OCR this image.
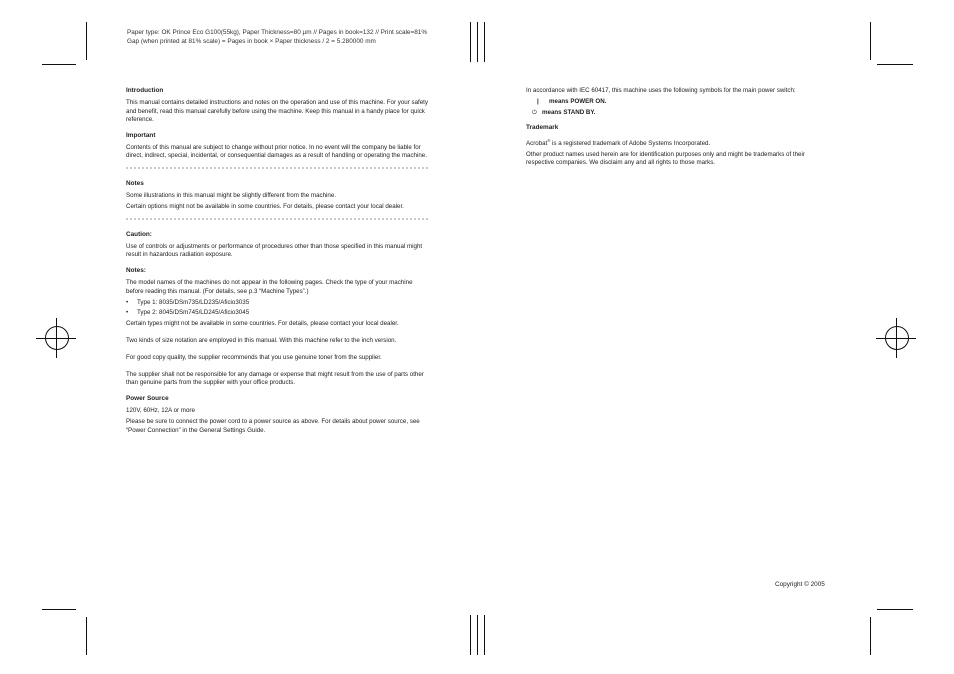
Paper type: OK Prince Eco G100(55kg), Paper Thickness=80 µm // Pages in book=132 // Print scale=81%
Gap (when printed at 81% scale) = Pages in book × Paper thickness / 2 = 5.280000 mm
Introduction

This manual contains detailed instructions and notes on the operation and use of this machine. For your safety and benefit, read this manual carefully before using the machine. Keep this manual in a handy place for quick reference.

Important

Contents of this manual are subject to change without prior notice. In no event will the company be liable for direct, indirect, special, incidental, or consequential damages as a result of handling or operating the machine.

Notes

Some illustrations in this manual might be slightly different from the machine.

Certain options might not be available in some countries. For details, please contact your local dealer.

Caution:

Use of controls or adjustments or performance of procedures other than those specified in this manual might result in hazardous radiation exposure.

Notes:

The model names of the machines do not appear in the following pages. Check the type of your machine before reading this manual. (For details, see p.3 “Machine Types”.)

• Type 1: 8035/DSm735/LD235/Aficio3035
• Type 2: 8045/DSm745/LD245/Aficio3045

Certain types might not be available in some countries. For details, please contact your local dealer.

Two kinds of size notation are employed in this manual. With this machine refer to the inch version.

For good copy quality, the supplier recommends that you use genuine toner from the supplier.

The supplier shall not be responsible for any damage or expense that might result from the use of parts other than genuine parts from the supplier with your office products.

Power Source

120V, 60Hz, 12A or more

Please be sure to connect the power cord to a power source as above. For details about power source, see “Power Connection” in the General Settings Guide.

In accordance with IEC 60417, this machine uses the following symbols for the main power switch:

| means POWER ON.

⏻ means STAND BY.

Trademark

Acrobat® is a registered trademark of Adobe Systems Incorporated.

Other product names used herein are for identification purposes only and might be trademarks of their respective companies. We disclaim any and all rights to those marks.

Copyright © 2005
